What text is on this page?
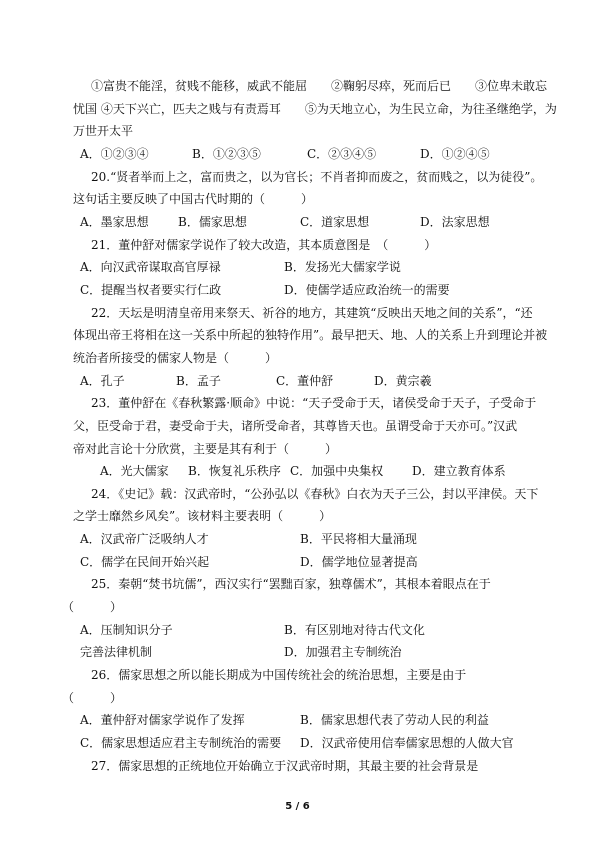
①富贵不能淫，贫贱不能移，威武不能屈　　②鞠躬尽瘁，死而后已　　③位卑未敢忘
忧国 ④天下兴亡，匹夫之贱与有责焉耳　　⑤为天地立心，为生民立命，为往圣继绝学，为
万世开太平
A．①②③④	B．①②③⑤	C．②③④⑤	D．①②④⑤
20.“贤者举而上之，富而贵之，以为官长；不肖者抑而废之，贫而贱之，以为徒役”。
这句话主要反映了中国古代时期的（　　　）
A．墨家思想 B．儒家思想	C．道家思想	D．法家思想
21．董仲舒对儒家学说作了较大改造，其本质意图是　（　　　）
A．向汉武帝谋取高官厚禄	B．发扬光大儒家学说
C．提醒当权者要实行仁政	D．使儒学适应政治统一的需要
22．天坛是明清皇帝用来祭天、祈谷的地方，其建筑“反映出天地之间的关系”，“还
体现出帝王将相在这一关系中所起的独特作用”。最早把天、地、人的关系上升到理论并被
统治者所接受的儒家人物是（　　　）
A．孔子	B．孟子	C．董仲舒	D．黄宗羲
23．董仲舒在《春秋繁露·顺命》中说：“天子受命于天，诸侯受命于天子，子受命于
父，臣受命于君，妻受命于夫，诸所受命者，其尊皆天也。虽谓受命于天亦可。”汉武
帝对此言论十分欣赏，主要是其有利于（　　　）
A．光大儒家 B．恢复礼乐秩序 C．加强中央集权 D．建立教育体系
24．《史记》载：汉武帝时，“公孙弘以《春秋》白衣为天子三公，封以平津侯。天下
之学士靡然乡风矣”。该材料主要表明（　　　）
A．汉武帝广泛吸纳人才	B．平民将相大量涌现
C．儒学在民间开始兴起	D．儒学地位显著提高
25．秦朝“焚书坑儒”，西汉实行“罢黜百家，独尊儒术”，其根本着眼点在于
（　　　）
A．压制知识分子	B．有区别地对待古代文化
完善法律机制	D．加强君主专制统治
26．儒家思想之所以能长期成为中国传统社会的统治思想，主要是由于
（　　　）
A．董仲舒对儒家学说作了发挥	B．儒家思想代表了劳动人民的利益
C．儒家思想适应君主专制统治的需要 D．汉武帝使用信奉儒家思想的人做大官
27．儒家思想的正统地位开始确立于汉武帝时期，其最主要的社会背景是
5 / 6
